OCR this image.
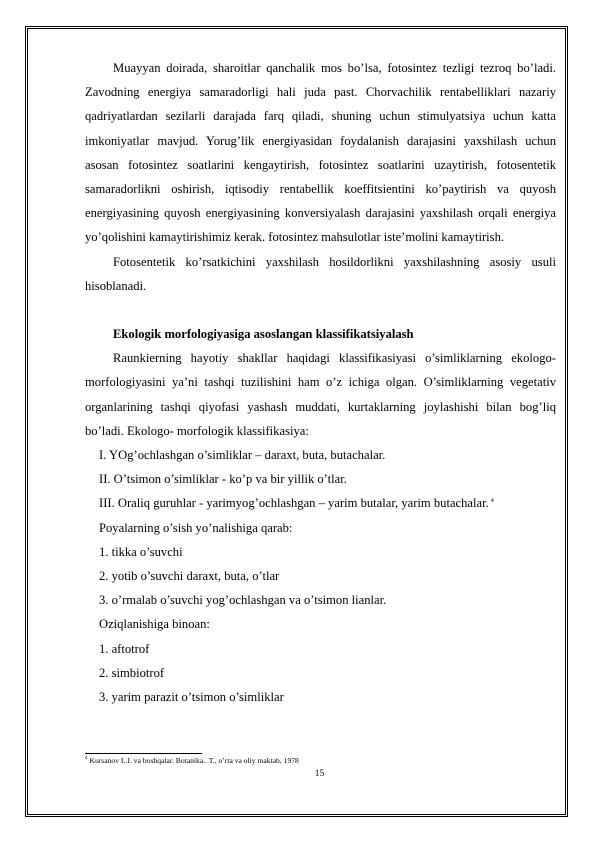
Muayyan doirada, sharoitlar qanchalik mos bo’lsa, fotosintez tezligi tezroq bo’ladi. Zavodning energiya samaradorligi hali juda past. Chorvachilik rentabelliklari nazariy qadriyatlardan sezilarli darajada farq qiladi, shuning uchun stimulyatsiya uchun katta imkoniyatlar mavjud. Yorug’lik energiyasidan foydalanish darajasini yaxshilash uchun asosan fotosintez soatlarini kengaytirish, fotosintez soatlarini uzaytirish, fotosentetik samaradorlikni oshirish, iqtisodiy rentabellik koeffitsientini ko’paytirish va quyosh energiyasining quyosh energiyasining konversiyalash darajasini yaxshilash orqali energiya yo’qolishini kamaytirishimiz kerak. fotosintez mahsulotlar iste’molini kamaytirish.

Fotosentetik ko’rsatkichini yaxshilash hosildorlikni yaxshilashning asosiy usuli hisoblanadi.

Ekologik morfologiyasiga asoslangan klassifikatsiyalash

Raunkierning hayotiy shakllar haqidagi klassifikasiyasi o’simliklarning ekologo-morfologiyasini ya’ni tashqi tuzilishini ham o’z ichiga olgan. O’simliklarning vegetativ organlarining tashqi qiyofasi yashash muddati, kurtaklarning joylashishi bilan bog’liq bo’ladi. Ekologo- morfologik klassifikasiya:

I. YOg’ochlashgan o’simliklar – daraxt, buta, butachalar.

II. O’tsimon o’simliklar - ko’p va bir yillik o’tlar.

III. Oraliq guruhlar - yarimyog’ochlashgan – yarim butalar, yarim butachalar. $^4$

Poyalarning o’sish yo’nalishiga qarab:

1. tikka o’suvchi

2. yotib o’suvchi daraxt, buta, o’tlar

3. o’rmalab o’suvchi yog’ochlashgan va o’tsimon lianlar.

Oziqlanishiga binoan:

1. aftotrof

2. simbiotrof

3. yarim parazit o’tsimon o’simliklar

$^4$ Kursanov L.I. va boshqalar. Botanika.. T., o’rta va oliy maktab, 1978
15
